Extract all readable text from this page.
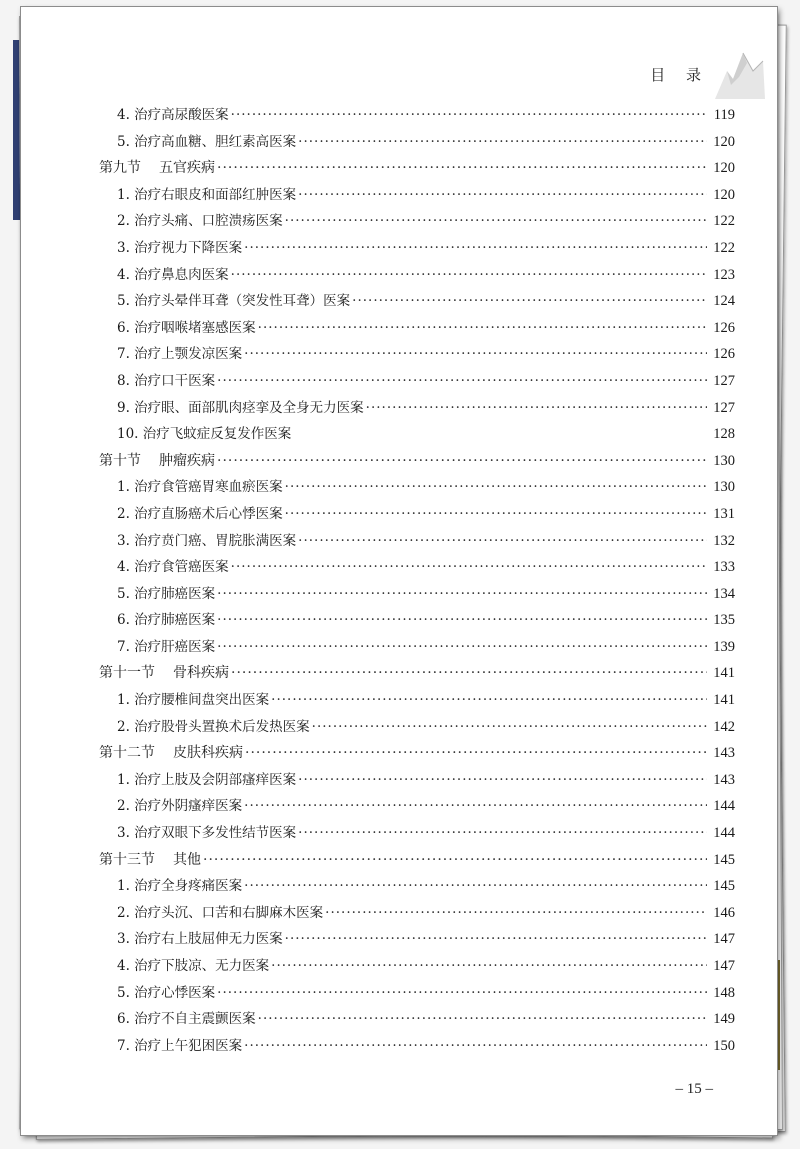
目 录
4. 治疗高尿酸医案 ·····	119
5. 治疗高血糖、胆红素高医案 ·····	120
第九节 五官疾病 ·····	120
1. 治疗右眼皮和面部红肿医案 ·····	120
2. 治疗头痛、口腔溃疡医案 ·····	122
3. 治疗视力下降医案 ·····	122
4. 治疗鼻息肉医案 ·····	123
5. 治疗头晕伴耳聋（突发性耳聋）医案 ·····	124
6. 治疗咽喉堵塞感医案 ·····	126
7. 治疗上颚发凉医案 ·····	126
8. 治疗口干医案 ·····	127
9. 治疗眼、面部肌肉痉挛及全身无力医案 ·····	127
10. 治疗飞蚊症反复发作医案	128
第十节 肿瘤疾病 ·····	130
1. 治疗食管癌胃寒血瘀医案 ·····	130
2. 治疗直肠癌术后心悸医案 ·····	131
3. 治疗贲门癌、胃脘胀满医案 ·····	132
4. 治疗食管癌医案 ·····	133
5. 治疗肺癌医案 ·····	134
6. 治疗肺癌医案 ·····	135
7. 治疗肝癌医案 ·····	139
第十一节 骨科疾病 ·····	141
1. 治疗腰椎间盘突出医案 ·····	141
2. 治疗股骨头置换术后发热医案 ·····	142
第十二节 皮肤科疾病 ·····	143
1. 治疗上肢及会阴部瘙痒医案 ·····	143
2. 治疗外阴瘙痒医案 ·····	144
3. 治疗双眼下多发性结节医案 ·····	144
第十三节 其他 ·····	145
1. 治疗全身疼痛医案 ·····	145
2. 治疗头沉、口苦和右脚麻木医案 ·····	146
3. 治疗右上肢屈伸无力医案 ·····	147
4. 治疗下肢凉、无力医案 ·····	147
5. 治疗心悸医案 ·····	148
6. 治疗不自主震颤医案 ·····	149
7. 治疗上午犯困医案 ·····	150
– 15 –
